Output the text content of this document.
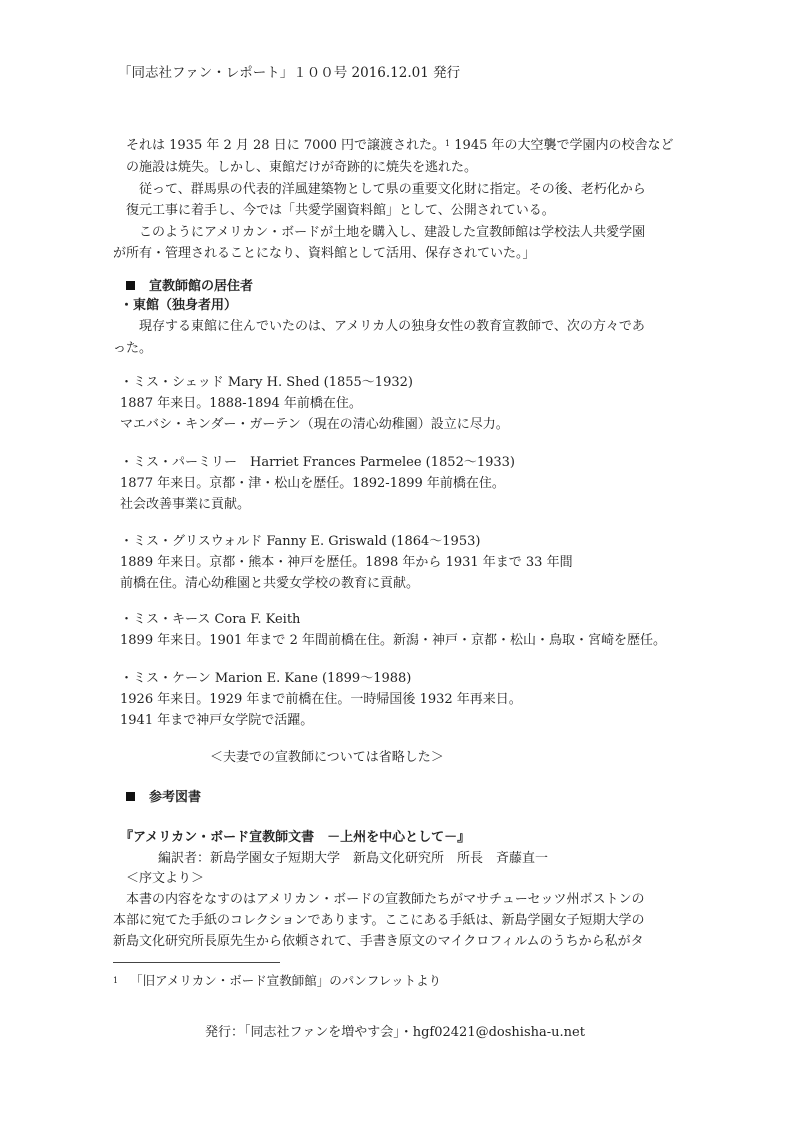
「同志社ファン・レポート」１００号 2016.12.01 発行
それは 1935 年 2 月 28 日に 7000 円で譲渡された。$^1$ 1945 年の大空襲で学園内の校舎など
の施設は焼失。しかし、東館だけが奇跡的に焼失を逃れた。
　従って、群馬県の代表的洋風建築物として県の重要文化財に指定。その後、老朽化から
復元工事に着手し、今では「共愛学園資料館」として、公開されている。
　このようにアメリカン・ボードが土地を購入し、建設した宣教師館は学校法人共愛学園
が所有・管理されることになり、資料館として活用、保存されていた。」
宣教師館の居住者
・東館（独身者用）
　現存する東館に住んでいたのは、アメリカ人の独身女性の教育宣教師で、次の方々であ
った。
・ミス・シェッド Mary H. Shed (1855～1932)
1887 年来日。1888-1894 年前橋在住。
マエバシ・キンダー・ガーテン（現在の清心幼稚園）設立に尽力。
・ミス・パーミリー　Harriet Frances Parmelee (1852～1933)
1877 年来日。京都・津・松山を歴任。1892-1899 年前橋在住。
社会改善事業に貢献。
・ミス・グリスウォルド Fanny E. Griswald (1864～1953)
1889 年来日。京都・熊本・神戸を歴任。1898 年から 1931 年まで 33 年間
前橋在住。清心幼稚園と共愛女学校の教育に貢献。
・ミス・キース Cora F. Keith
1899 年来日。1901 年まで 2 年間前橋在住。新潟・神戸・京都・松山・鳥取・宮崎を歴任。
・ミス・ケーン Marion E. Kane (1899～1988)
1926 年来日。1929 年まで前橋在住。一時帰国後 1932 年再来日。
1941 年まで神戸女学院で活躍。
＜夫妻での宣教師については省略した＞
参考図書
『アメリカン・ボード宣教師文書　－上州を中心として－』
編訳者：新島学園女子短期大学　新島文化研究所　所長　斉藤直一
＜序文より＞
　本書の内容をなすのはアメリカン・ボードの宣教師たちがマサチューセッツ州ボストンの
本部に宛てた手紙のコレクションであります。ここにある手紙は、新島学園女子短期大学の
新島文化研究所長原先生から依頼されて、手書き原文のマイクロフィルムのうちから私がタ
$^1$ 「旧アメリカン・ボード宣教師館」のパンフレットより
発行：「同志社ファンを増やす会」・hgf02421@doshisha-u.net
